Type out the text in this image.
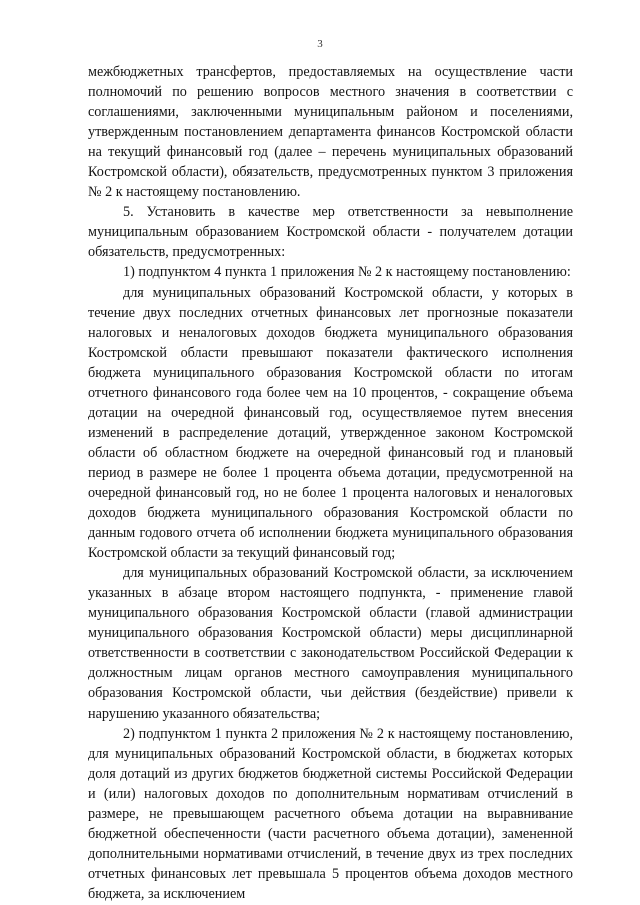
3

межбюджетных трансфертов, предоставляемых на осуществление части полномочий по решению вопросов местного значения в соответствии с соглашениями, заключенными муниципальным районом и поселениями, утвержденным постановлением департамента финансов Костромской области на текущий финансовый год (далее – перечень муниципальных образований Костромской области), обязательств, предусмотренных пунктом 3 приложения № 2 к настоящему постановлению.

5. Установить в качестве мер ответственности за невыполнение муниципальным образованием Костромской области - получателем дотации обязательств, предусмотренных:

1) подпунктом 4 пункта 1 приложения № 2 к настоящему постановлению:

для муниципальных образований Костромской области, у которых в течение двух последних отчетных финансовых лет прогнозные показатели налоговых и неналоговых доходов бюджета муниципального образования Костромской области превышают показатели фактического исполнения бюджета муниципального образования Костромской области по итогам отчетного финансового года более чем на 10 процентов, - сокращение объема дотации на очередной финансовый год, осуществляемое путем внесения изменений в распределение дотаций, утвержденное законом Костромской области об областном бюджете на очередной финансовый год и плановый период в размере не более 1 процента объема дотации, предусмотренной на очередной финансовый год, но не более 1 процента налоговых и неналоговых доходов бюджета муниципального образования Костромской области по данным годового отчета об исполнении бюджета муниципального образования Костромской области за текущий финансовый год;

для муниципальных образований Костромской области, за исключением указанных в абзаце втором настоящего подпункта, - применение главой муниципального образования Костромской области (главой администрации муниципального образования Костромской области) меры дисциплинарной ответственности в соответствии с законодательством Российской Федерации к должностным лицам органов местного самоуправления муниципального образования Костромской области, чьи действия (бездействие) привели к нарушению указанного обязательства;

2) подпунктом 1 пункта 2 приложения № 2 к настоящему постановлению, для муниципальных образований Костромской области, в бюджетах которых доля дотаций из других бюджетов бюджетной системы Российской Федерации и (или) налоговых доходов по дополнительным нормативам отчислений в размере, не превышающем расчетного объема дотации на выравнивание бюджетной обеспеченности (части расчетного объема дотации), замененной дополнительными нормативами отчислений, в течение двух из трех последних отчетных финансовых лет превышала 5 процентов объема доходов местного бюджета, за исключением
